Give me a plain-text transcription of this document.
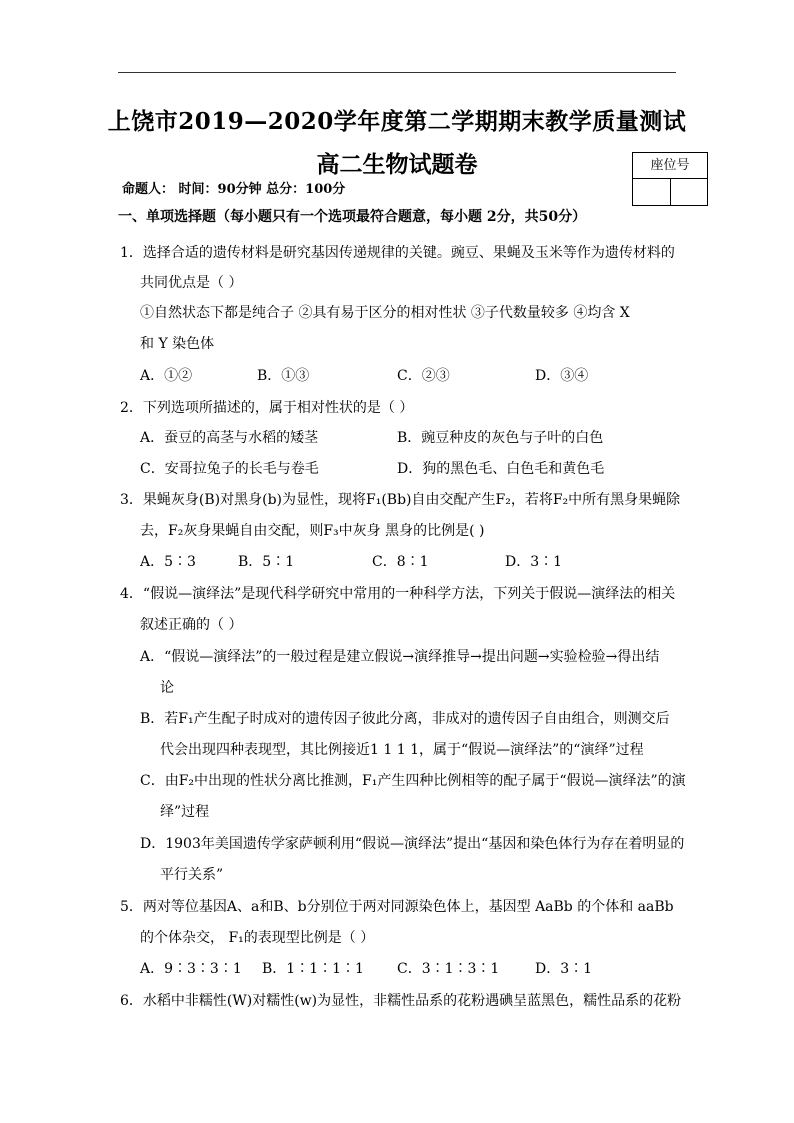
上饶市2019—2020学年度第二学期期末教学质量测试
高二生物试题卷	座位号
命题人： 时间：90分钟 总分：100分
一、单项选择题（每小题只有一个选项最符合题意，每小题 2分，共50分）
1．选择合适的遗传材料是研究基因传递规律的关键。豌豆、果蝇及玉米等作为遗传材料的
共同优点是（ ）
①自然状态下都是纯合子 ②具有易于区分的相对性状 ③子代数量较多 ④均含 X
和 Y 染色体
A．①②	B．①③	C．②③	D．③④
2．下列选项所描述的，属于相对性状的是（ ）
A．蚕豆的高茎与水稻的矮茎	B．豌豆种皮的灰色与子叶的白色
C．安哥拉兔子的长毛与卷毛	D．狗的黑色毛、白色毛和黄色毛
3．果蝇灰身(B)对黑身(b)为显性，现将F₁(Bb)自由交配产生F₂，若将F₂中所有黑身果蝇除
去，F₂灰身果蝇自由交配，则F₃中灰身 黑身的比例是( )
A．5∶3	B．5∶1	C．8∶1	D．3∶1
4．“假说—演绎法”是现代科学研究中常用的一种科学方法，下列关于假说—演绎法的相关
叙述正确的（ ）
A．“假说—演绎法”的一般过程是建立假说→演绎推导→提出问题→实验检验→得出结
论
B．若F₁产生配子时成对的遗传因子彼此分离，非成对的遗传因子自由组合，则测交后
代会出现四种表现型，其比例接近1 1 1 1，属于“假说—演绎法”的“演绎”过程
C．由F₂中出现的性状分离比推测，F₁产生四种比例相等的配子属于“假说—演绎法”的演
绎”过程
D．1903年美国遗传学家萨顿利用“假说—演绎法”提出“基因和染色体行为存在着明显的
平行关系”
5．两对等位基因A、a和B、b分别位于两对同源染色体上，基因型 AaBb 的个体和 aaBb
的个体杂交， F₁的表现型比例是（ ）
A．9∶3∶3∶1 B．1∶1∶1∶1 C．3∶1∶3∶1	D．3∶1
6．水稻中非糯性(W)对糯性(w)为显性，非糯性品系的花粉遇碘呈蓝黑色，糯性品系的花粉
